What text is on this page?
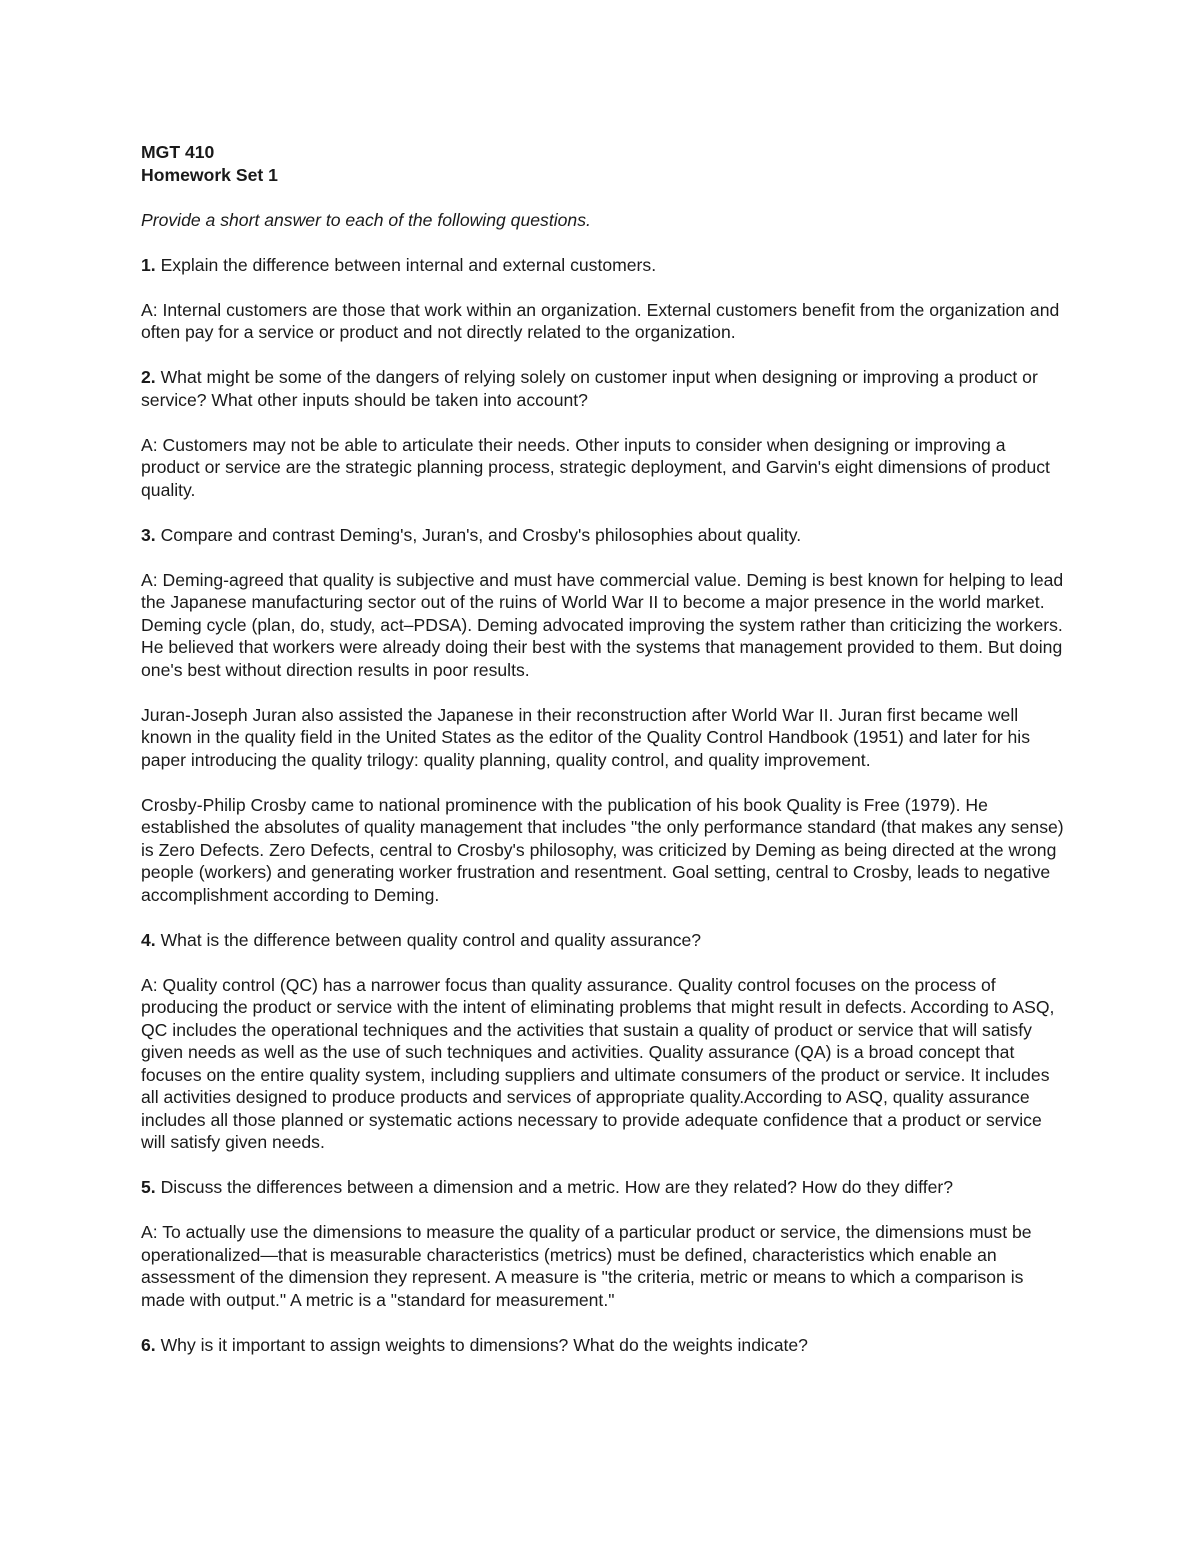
MGT 410

Homework Set 1

Provide a short answer to each of the following questions.

1. Explain the difference between internal and external customers.

A: Internal customers are those that work within an organization. External customers benefit from the organization and often pay for a service or product and not directly related to the organization.

2. What might be some of the dangers of relying solely on customer input when designing or improving a product or service? What other inputs should be taken into account?

A: Customers may not be able to articulate their needs. Other inputs to consider when designing or improving a product or service are the strategic planning process, strategic deployment, and Garvin's eight dimensions of product quality.

3. Compare and contrast Deming's, Juran's, and Crosby's philosophies about quality.

A: Deming-agreed that quality is subjective and must have commercial value. Deming is best known for helping to lead the Japanese manufacturing sector out of the ruins of World War II to become a major presence in the world market. Deming cycle (plan, do, study, act–PDSA). Deming advocated improving the system rather than criticizing the workers. He believed that workers were already doing their best with the systems that management provided to them. But doing one's best without direction results in poor results.

Juran-Joseph Juran also assisted the Japanese in their reconstruction after World War II. Juran first became well known in the quality field in the United States as the editor of the Quality Control Handbook (1951) and later for his paper introducing the quality trilogy: quality planning, quality control, and quality improvement.

Crosby-Philip Crosby came to national prominence with the publication of his book Quality is Free (1979). He established the absolutes of quality management that includes "the only performance standard (that makes any sense) is Zero Defects. Zero Defects, central to Crosby's philosophy, was criticized by Deming as being directed at the wrong people (workers) and generating worker frustration and resentment. Goal setting, central to Crosby, leads to negative accomplishment according to Deming.

4. What is the difference between quality control and quality assurance?

A: Quality control (QC) has a narrower focus than quality assurance. Quality control focuses on the process of producing the product or service with the intent of eliminating problems that might result in defects. According to ASQ, QC includes the operational techniques and the activities that sustain a quality of product or service that will satisfy given needs as well as the use of such techniques and activities. Quality assurance (QA) is a broad concept that focuses on the entire quality system, including suppliers and ultimate consumers of the product or service. It includes all activities designed to produce products and services of appropriate quality.According to ASQ, quality assurance includes all those planned or systematic actions necessary to provide adequate confidence that a product or service will satisfy given needs.

5. Discuss the differences between a dimension and a metric. How are they related? How do they differ?

A: To actually use the dimensions to measure the quality of a particular product or service, the dimensions must be operationalized—that is measurable characteristics (metrics) must be defined, characteristics which enable an assessment of the dimension they represent. A measure is "the criteria, metric or means to which a comparison is made with output." A metric is a "standard for measurement."

6. Why is it important to assign weights to dimensions? What do the weights indicate?
